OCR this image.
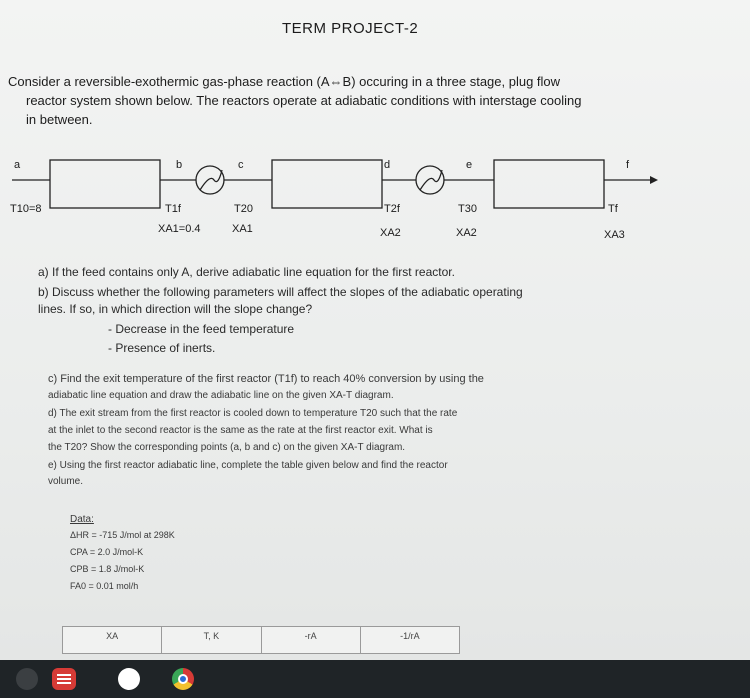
TERM PROJECT-2
Consider a reversible-exothermic gas-phase reaction (A⇔B) occuring in a three stage, plug flow
reactor system shown below. The reactors operate at adiabatic conditions with interstage cooling
in between.
a	b	c	d	e	f
T10=8	T1f	T20	T2f	T30	Tf
XA1=0.4	XA1	XA2	XA2	XA3
a) If the feed contains only A, derive adiabatic line equation for the first reactor.
b) Discuss whether the following parameters will affect the slopes of the adiabatic operating
lines. If so, in which direction will the slope change?
- Decrease in the feed temperature
- Presence of inerts.
c) Find the exit temperature of the first reactor (T1f) to reach 40% conversion by using the
adiabatic line equation and draw the adiabatic line on the given XA-T diagram.
d) The exit stream from the first reactor is cooled down to temperature T20 such that the rate
at the inlet to the second reactor is the same as the rate at the first reactor exit. What is
the T20? Show the corresponding points (a, b and c) on the given XA-T diagram.
e) Using the first reactor adiabatic line, complete the table given below and find the reactor
volume.
Data:
ΔHR = -715 J/mol at 298K
CPA = 2.0 J/mol-K
CPB = 1.8 J/mol-K
FA0 = 0.01 mol/h
XA	T, K	-rA	-1/rA
